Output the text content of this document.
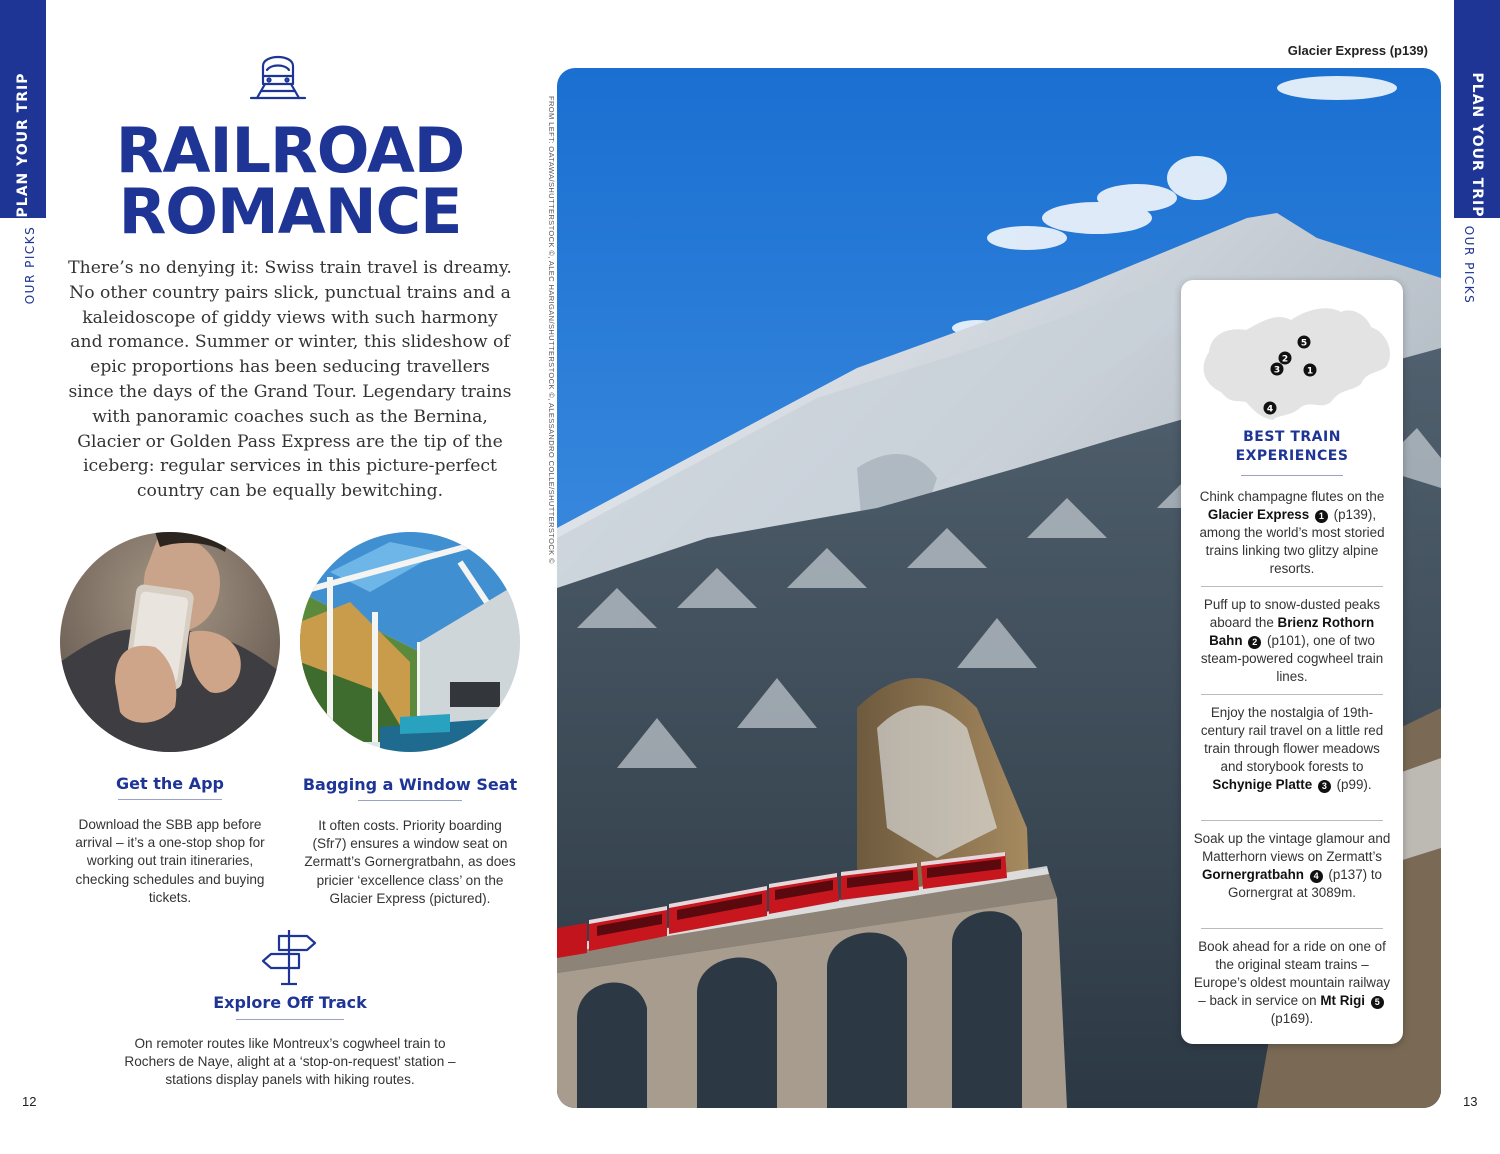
PLAN YOUR TRIP
OUR PICKS
PLAN YOUR TRIP
OUR PICKS
12	13
RAILROAD
ROMANCE
There’s no denying it: Swiss train travel is dreamy. No other country pairs slick, punctual trains and a kaleidoscope of giddy views with such harmony and romance. Summer or winter, this slideshow of epic proportions has been seducing travellers since the days of the Grand Tour. Legendary trains with panoramic coaches such as the Bernina, Glacier or Golden Pass Express are the tip of the iceberg: regular services in this picture-perfect country can be equally bewitching.
Get the App
Download the SBB app before arrival – it’s a one-stop shop for working out train itineraries, checking schedules and buying tickets.
Bagging a Window Seat
It often costs. Priority boarding (Sfr7) ensures a window seat on Zermatt’s Gornergratbahn, as does pricier ‘excellence class’ on the Glacier Express (pictured).
Explore Off Track
On remoter routes like Montreux’s cogwheel train to Rochers de Naye, alight at a ‘stop-on-request’ station – stations display panels with hiking routes.
FROM LEFT: OATAWA/SHUTTERSTOCK ©, ALEC HARIGAN/SHUTTERSTOCK ©, ALESSANDRO COLLE/SHUTTERSTOCK ©
Glacier Express (p139)
5
2
3	1
4
BEST TRAIN
EXPERIENCES
Chink champagne flutes on the Glacier Express 1 (p139), among the world’s most storied trains linking two glitzy alpine resorts.
Puff up to snow-dusted peaks aboard the Brienz Rothorn Bahn 2 (p101), one of two steam-powered cogwheel train lines.
Enjoy the nostalgia of 19th-century rail travel on a little red train through flower meadows and storybook forests to Schynige Platte 3 (p99).
Soak up the vintage glamour and Matterhorn views on Zermatt’s Gornergratbahn 4 (p137) to Gornergrat at 3089m.
Book ahead for a ride on one of the original steam trains – Europe’s oldest mountain railway – back in service on Mt Rigi 5 (p169).
